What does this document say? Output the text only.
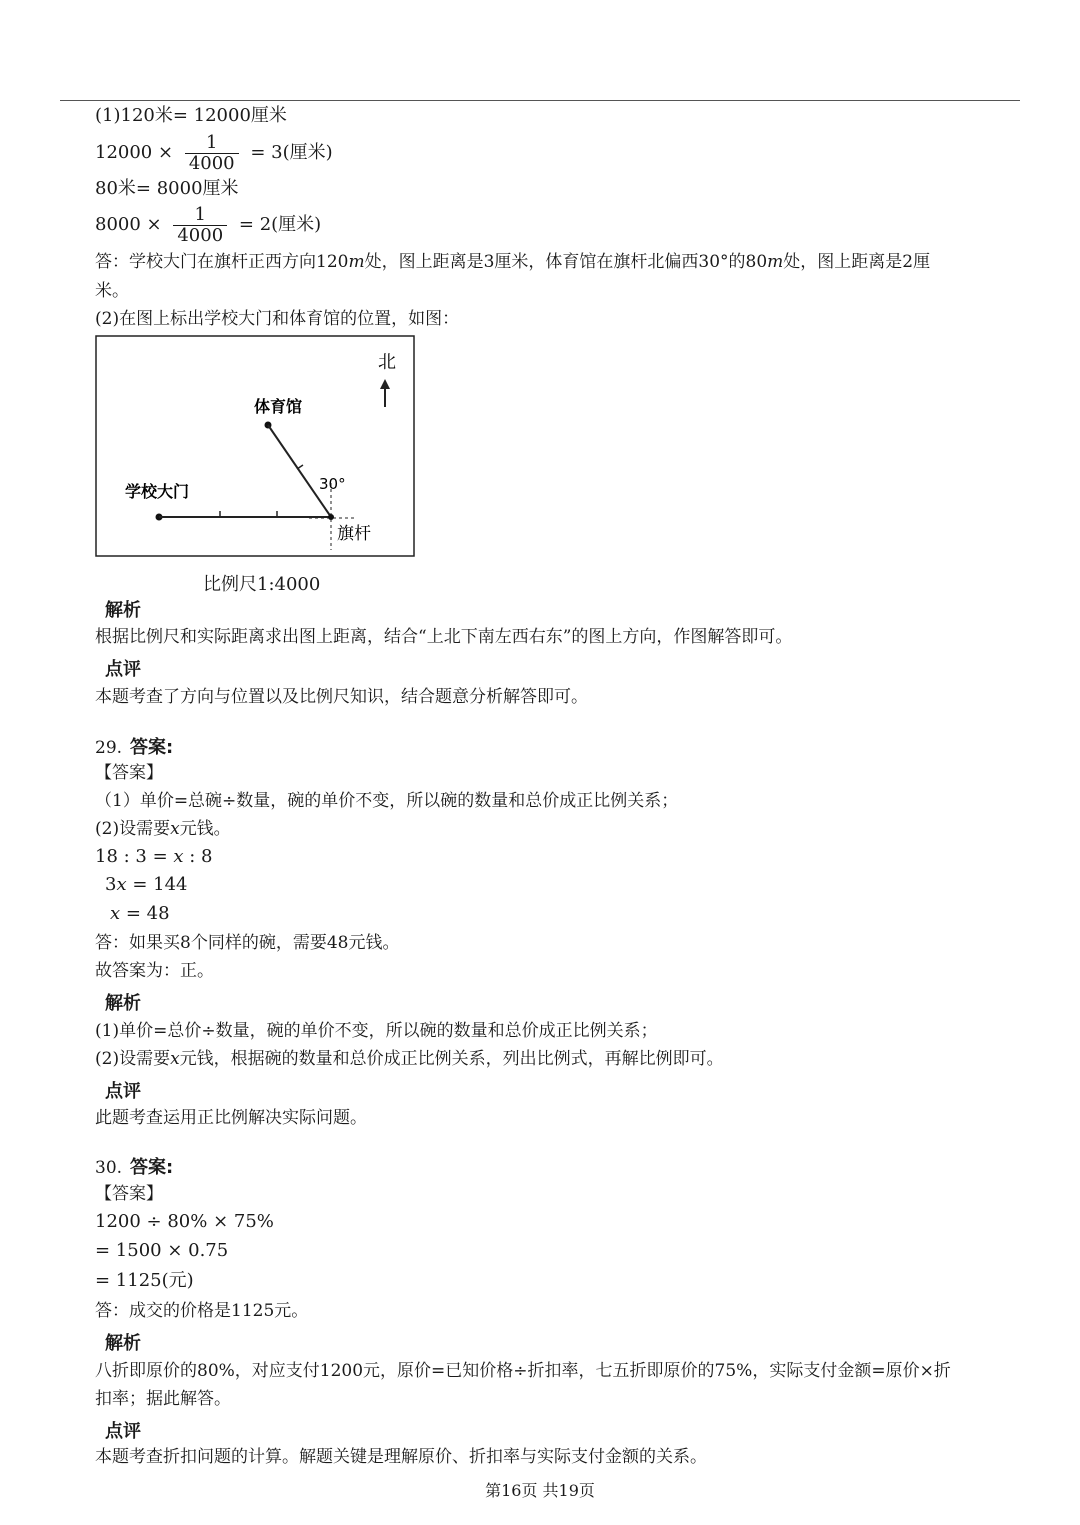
(1)120米= 12000厘米
$12000 \times \frac{1}{4000} = 3$(厘米)
80米= 8000厘米
$8000 \times \frac{1}{4000} = 2$(厘米)
答：学校大门在旗杆正西方向120m处，图上距离是3厘米，体育馆在旗杆北偏西30°的80m处，图上距离是2厘
米。
(2)在图上标出学校大门和体育馆的位置，如图：
北
体育馆
30°
学校大门
旗杆
比例尺1:4000
解析
根据比例尺和实际距离求出图上距离，结合“上北下南左西右东”的图上方向，作图解答即可。
点评
本题考查了方向与位置以及比例尺知识，结合题意分析解答即可。
29. 答案:
【答案】
（1）单价=总碗÷数量，碗的单价不变，所以碗的数量和总价成正比例关系；
(2)设需要x元钱。
18 : 3 = x : 8
3x = 144
x = 48
答：如果买8个同样的碗，需要48元钱。
故答案为：正。
解析
(1)单价=总价÷数量，碗的单价不变，所以碗的数量和总价成正比例关系；
(2)设需要x元钱，根据碗的数量和总价成正比例关系，列出比例式，再解比例即可。
点评
此题考查运用正比例解决实际问题。
30. 答案:
【答案】
1200 ÷ 80% × 75%
= 1500 × 0.75
= 1125(元)
答：成交的价格是1125元。
解析
八折即原价的80%，对应支付1200元，原价=已知价格÷折扣率，七五折即原价的75%，实际支付金额=原价×折
扣率；据此解答。
点评
本题考查折扣问题的计算。解题关键是理解原价、折扣率与实际支付金额的关系。
第16页 共19页
